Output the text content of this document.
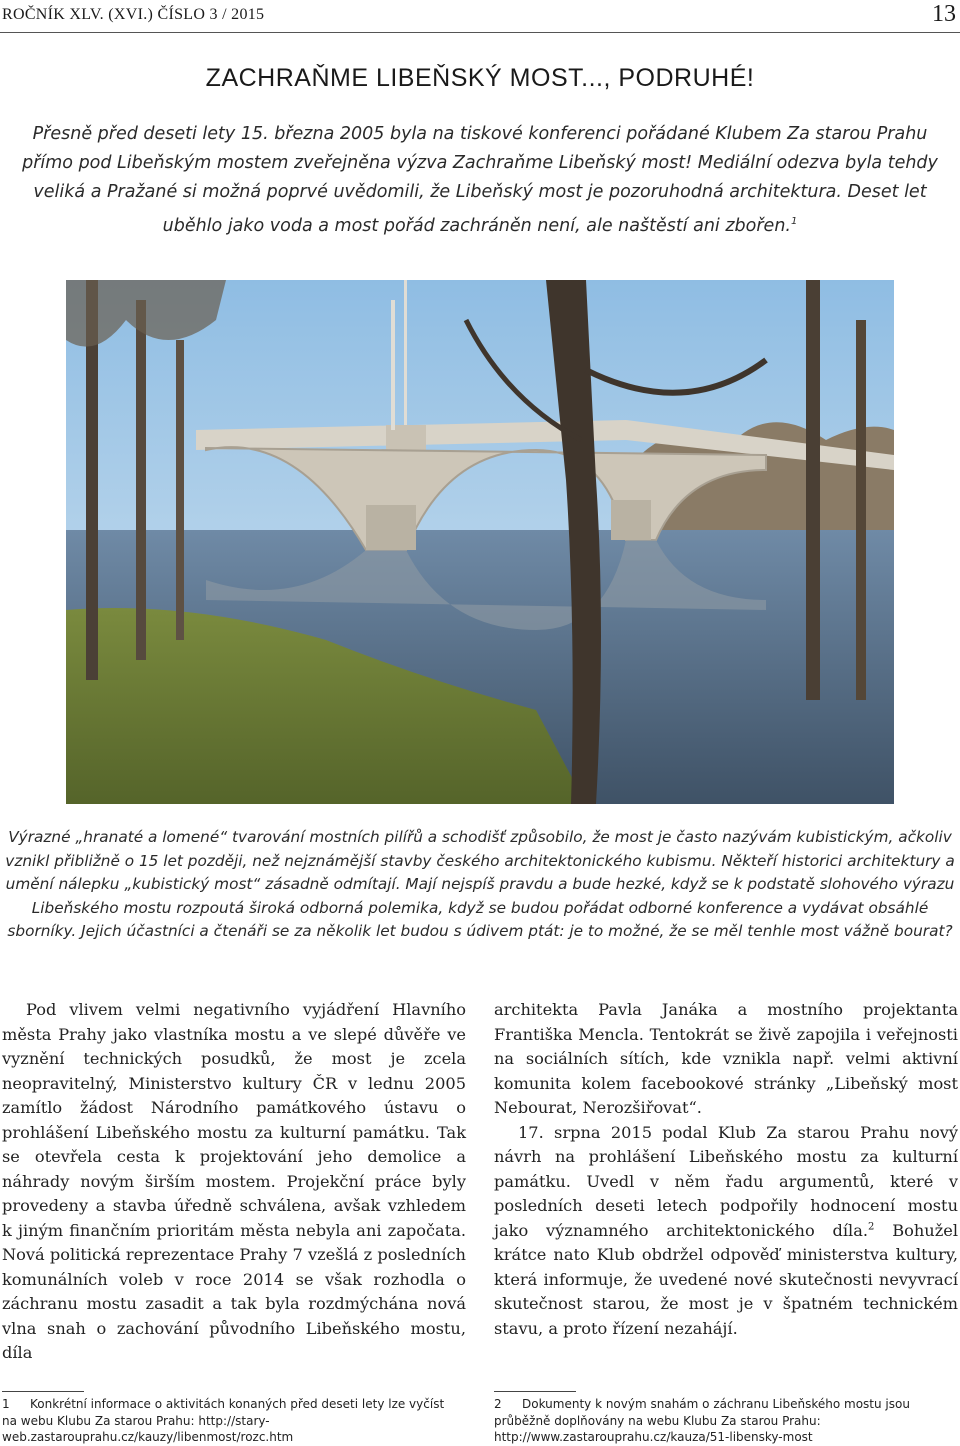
ROČNÍK XLV. (XVI.) ČÍSLO 3 / 2015	13
ZACHRAŇME LIBEŇSKÝ MOST..., PODRUHÉ!
Přesně před deseti lety 15. března 2005 byla na tiskové konferenci pořádané Klubem Za starou Prahu přímo pod Libeňským mostem zveřejněna výzva Zachraňme Libeňský most! Mediální odezva byla tehdy veliká a Pražané si možná poprvé uvědomili, že Libeňský most je pozoruhodná architektura. Deset let uběhlo jako voda a most pořád zachráněn není, ale naštěstí ani zbořen.$^1$
Výrazné „hranaté a lomené“ tvarování mostních pilířů a schodišť způsobilo, že most je často nazývám kubistickým, ačkoliv vznikl přibližně o 15 let později, než nejznámější stavby českého architektonického kubismu. Někteří historici architektury a umění nálepku „kubistický most“ zásadně odmítají. Mají nejspíš pravdu a bude hezké, když se k podstatě slohového výrazu Libeňského mostu rozpoutá široká odborná polemika, když se budou pořádat odborné konference a vydávat obsáhlé sborníky. Jejich účastníci a čtenáři se za několik let budou s údivem ptát: je to možné, že se měl tenhle most vážně bourat?

Pod vlivem velmi negativního vyjádření Hlavního města Prahy jako vlastníka mostu a ve slepé důvěře ve vyznění technických posudků, že most je zcela neopravitelný, Ministerstvo kultury ČR v lednu 2005 zamítlo žádost Národního památkového ústavu o prohlášení Libeňského mostu za kulturní památku. Tak se otevřela cesta k projektování jeho demolice a náhrady novým širším mostem. Projekční práce byly provedeny a stavba úředně schválena, avšak vzhledem k jiným finančním prioritám města nebyla ani započata. Nová politická reprezentace Prahy 7 vzešlá z posledních komunálních voleb v roce 2014 se však rozhodla o záchranu mostu zasadit a tak byla rozdmýchána nová vlna snah o zachování původního Libeňského mostu, díla

architekta Pavla Janáka a mostního projektanta Františka Mencla. Tentokrát se živě zapojila i veřejnosti na sociálních sítích, kde vznikla např. velmi aktivní komunita kolem facebookové stránky „Libeňský most Nebourat, Nerozšiřovat“.

17. srpna 2015 podal Klub Za starou Prahu nový návrh na prohlášení Libeňského mostu za kulturní památku. Uvedl v něm řadu argumentů, které v posledních deseti letech podpořily hodnocení mostu jako významného architektonického díla.$^2$ Bohužel krátce nato Klub obdržel odpověď ministerstva kultury, která informuje, že uvedené nové skutečnosti nevyvrací skutečnost starou, že most je v špatném technickém stavu, a proto řízení nezahájí.

1 Konkrétní informace o aktivitách konaných před deseti lety lze vyčíst na webu Klubu Za starou Prahu: http://stary-web.zastarouprahu.cz/kauzy/libenmost/rozc.htm
2 Dokumenty k novým snahám o záchranu Libeňského mostu jsou průběžně doplňovány na webu Klubu Za starou Prahu: http://www.zastarouprahu.cz/kauza/51-libensky-most
